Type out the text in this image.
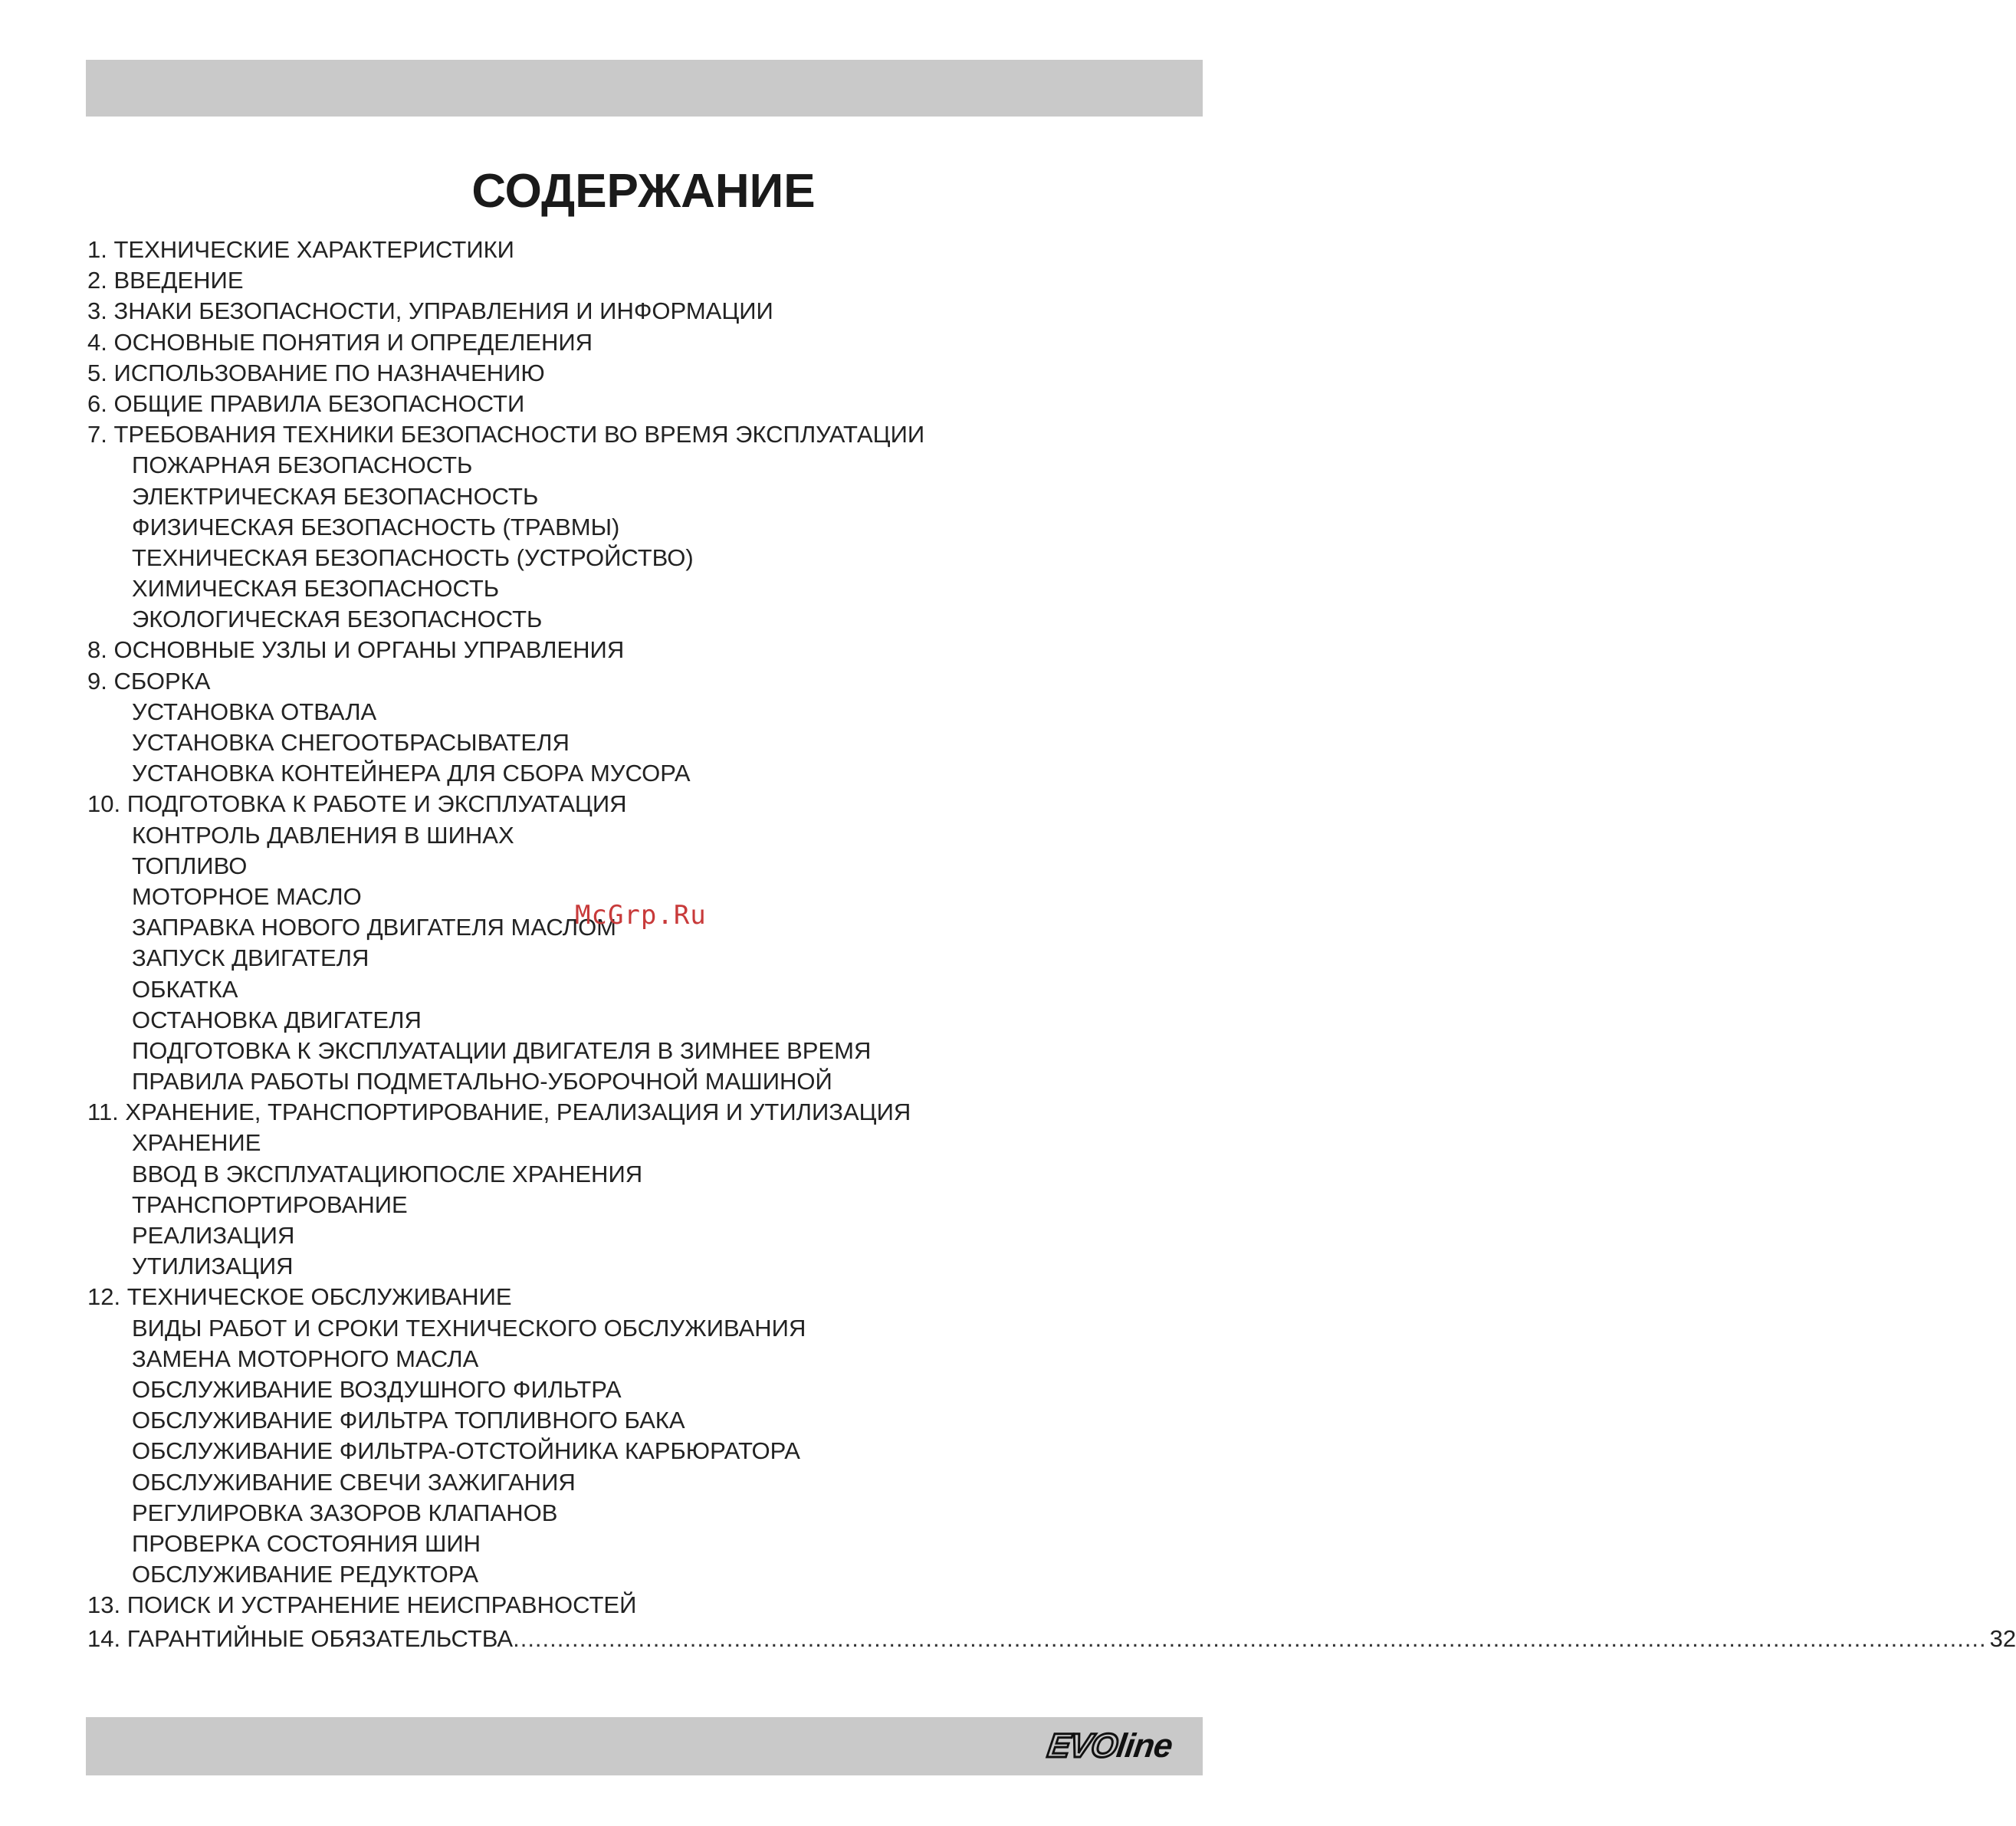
СОДЕРЖАНИЕ
1. ТЕХНИЧЕСКИЕ ХАРАКТЕРИСТИКИ
2. ВВЕДЕНИЕ
3. ЗНАКИ БЕЗОПАСНОСТИ, УПРАВЛЕНИЯ И ИНФОРМАЦИИ
4. ОСНОВНЫЕ ПОНЯТИЯ И ОПРЕДЕЛЕНИЯ
5. ИСПОЛЬЗОВАНИЕ ПО НАЗНАЧЕНИЮ
6. ОБЩИЕ ПРАВИЛА БЕЗОПАСНОСТИ
7. ТРЕБОВАНИЯ ТЕХНИКИ БЕЗОПАСНОСТИ ВО ВРЕМЯ ЭКСПЛУАТАЦИИ
ПОЖАРНАЯ БЕЗОПАСНОСТЬ
ЭЛЕКТРИЧЕСКАЯ БЕЗОПАСНОСТЬ
ФИЗИЧЕСКАЯ БЕЗОПАСНОСТЬ (ТРАВМЫ)
ТЕХНИЧЕСКАЯ БЕЗОПАСНОСТЬ (УСТРОЙСТВО)
ХИМИЧЕСКАЯ БЕЗОПАСНОСТЬ
ЭКОЛОГИЧЕСКАЯ БЕЗОПАСНОСТЬ
8. ОСНОВНЫЕ УЗЛЫ И ОРГАНЫ УПРАВЛЕНИЯ
9. СБОРКА
УСТАНОВКА ОТВАЛА
УСТАНОВКА СНЕГООТБРАСЫВАТЕЛЯ
УСТАНОВКА КОНТЕЙНЕРА ДЛЯ СБОРА МУСОРА
10. ПОДГОТОВКА К РАБОТЕ И ЭКСПЛУАТАЦИЯ
КОНТРОЛЬ ДАВЛЕНИЯ В ШИНАХ
ТОПЛИВО
МОТОРНОЕ МАСЛО
ЗАПРАВКА НОВОГО ДВИГАТЕЛЯ МАСЛОМ
ЗАПУСК ДВИГАТЕЛЯ
ОБКАТКА
ОСТАНОВКА ДВИГАТЕЛЯ
ПОДГОТОВКА К ЭКСПЛУАТАЦИИ ДВИГАТЕЛЯ В ЗИМНЕЕ ВРЕМЯ
ПРАВИЛА РАБОТЫ ПОДМЕТАЛЬНО-УБОРОЧНОЙ МАШИНОЙ
11. ХРАНЕНИЕ, ТРАНСПОРТИРОВАНИЕ, РЕАЛИЗАЦИЯ И УТИЛИЗАЦИЯ
ХРАНЕНИЕ
ВВОД В ЭКСПЛУАТАЦИЮПОСЛЕ ХРАНЕНИЯ
ТРАНСПОРТИРОВАНИЕ
РЕАЛИЗАЦИЯ
УТИЛИЗАЦИЯ
12. ТЕХНИЧЕСКОЕ ОБСЛУЖИВАНИЕ
ВИДЫ РАБОТ И СРОКИ ТЕХНИЧЕСКОГО ОБСЛУЖИВАНИЯ
ЗАМЕНА МОТОРНОГО МАСЛА
ОБСЛУЖИВАНИЕ ВОЗДУШНОГО ФИЛЬТРА
ОБСЛУЖИВАНИЕ ФИЛЬТРА ТОПЛИВНОГО БАКА
ОБСЛУЖИВАНИЕ ФИЛЬТРА-ОТСТОЙНИКА КАРБЮРАТОРА
ОБСЛУЖИВАНИЕ СВЕЧИ ЗАЖИГАНИЯ
РЕГУЛИРОВКА ЗАЗОРОВ КЛАПАНОВ
ПРОВЕРКА СОСТОЯНИЯ ШИН
ОБСЛУЖИВАНИЕ РЕДУКТОРА
13. ПОИСК И УСТРАНЕНИЕ НЕИСПРАВНОСТЕЙ
14. ГАРАНТИЙНЫЕ ОБЯЗАТЕЛЬСТВА ........................................................................................................................................................................................................ 32
McGrp.Ru
EVOline
